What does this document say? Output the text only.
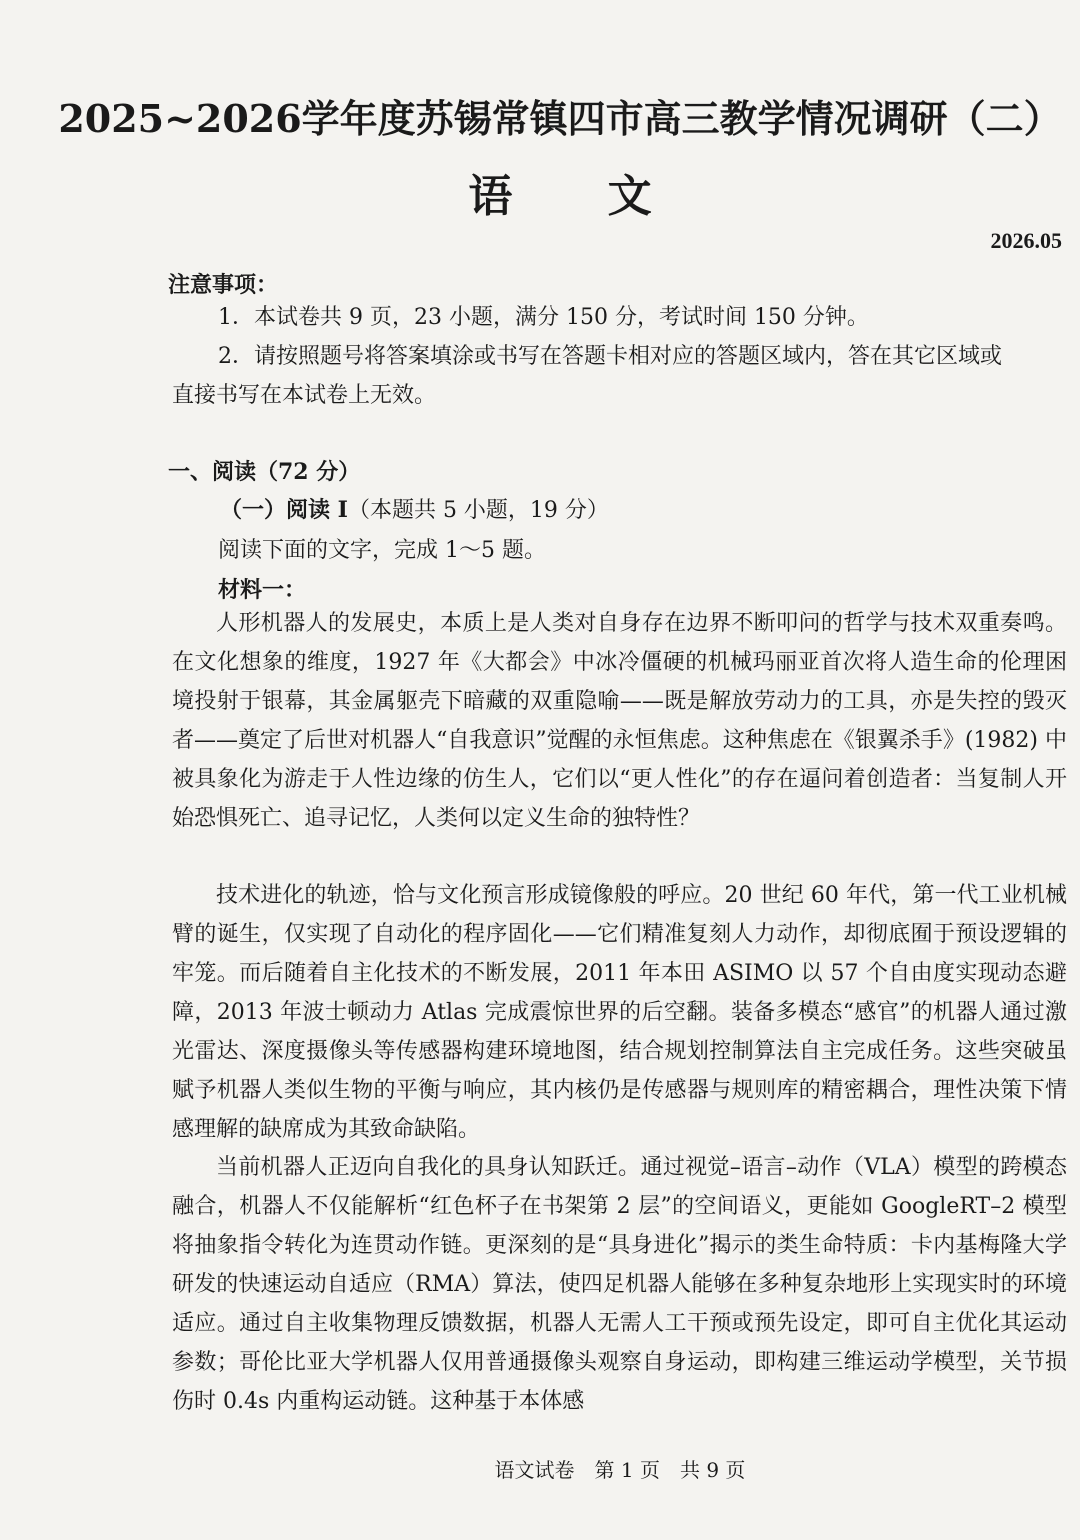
2025~2026学年度苏锡常镇四市高三教学情况调研（二）
语 文
2026.05
注意事项：
1．本试卷共 9 页，23 小题，满分 150 分，考试时间 150 分钟。
2．请按照题号将答案填涂或书写在答题卡相对应的答题区域内，答在其它区域或
直接书写在本试卷上无效。
一、阅读（72 分）
（一）阅读 I（本题共 5 小题，19 分）
阅读下面的文字，完成 1～5 题。
材料一：
人形机器人的发展史，本质上是人类对自身存在边界不断叩问的哲学与技术双重奏鸣。在文化想象的维度，1927 年《大都会》中冰冷僵硬的机械玛丽亚首次将人造生命的伦理困境投射于银幕，其金属躯壳下暗藏的双重隐喻——既是解放劳动力的工具，亦是失控的毁灭者——奠定了后世对机器人“自我意识”觉醒的永恒焦虑。这种焦虑在《银翼杀手》(1982) 中被具象化为游走于人性边缘的仿生人，它们以“更人性化”的存在逼问着创造者：当复制人开始恐惧死亡、追寻记忆，人类何以定义生命的独特性？
技术进化的轨迹，恰与文化预言形成镜像般的呼应。20 世纪 60 年代，第一代工业机械臂的诞生，仅实现了自动化的程序固化——它们精准复刻人力动作，却彻底囿于预设逻辑的牢笼。而后随着自主化技术的不断发展，2011 年本田 ASIMO 以 57 个自由度实现动态避障，2013 年波士顿动力 Atlas 完成震惊世界的后空翻。装备多模态“感官”的机器人通过激光雷达、深度摄像头等传感器构建环境地图，结合规划控制算法自主完成任务。这些突破虽赋予机器人类似生物的平衡与响应，其内核仍是传感器与规则库的精密耦合，理性决策下情感理解的缺席成为其致命缺陷。
当前机器人正迈向自我化的具身认知跃迁。通过视觉–语言–动作（VLA）模型的跨模态融合，机器人不仅能解析“红色杯子在书架第 2 层”的空间语义，更能如 GoogleRT–2 模型将抽象指令转化为连贯动作链。更深刻的是“具身进化”揭示的类生命特质：卡内基梅隆大学研发的快速运动自适应（RMA）算法，使四足机器人能够在多种复杂地形上实现实时的环境适应。通过自主收集物理反馈数据，机器人无需人工干预或预先设定，即可自主优化其运动参数；哥伦比亚大学机器人仅用普通摄像头观察自身运动，即构建三维运动学模型，关节损伤时 0.4s 内重构运动链。这种基于本体感
语文试卷　第 1 页　共 9 页
